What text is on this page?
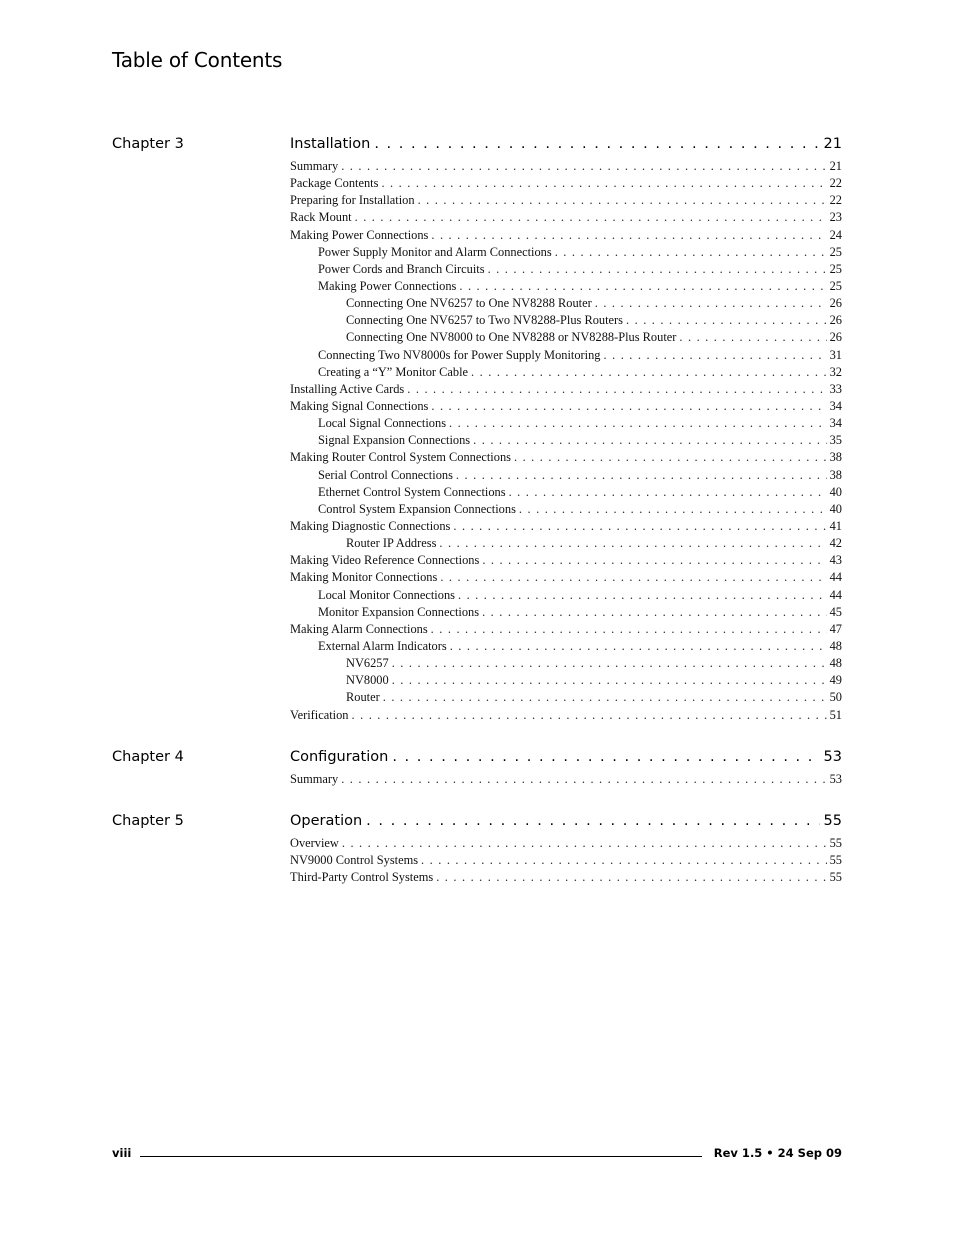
Table of Contents
Chapter 3	Installation . . .	21
Summary . . .	21
Package Contents . . .	22
Preparing for Installation . . .	22
Rack Mount . . .	23
Making Power Connections . . .	24
Power Supply Monitor and Alarm Connections . . .	25
Power Cords and Branch Circuits . . .	25
Making Power Connections . . .	25
Connecting One NV6257 to One NV8288 Router . . .	26
Connecting One NV6257 to Two NV8288-Plus Routers . . .	26
Connecting One NV8000 to One NV8288 or NV8288-Plus Router . . .	26
Connecting Two NV8000s for Power Supply Monitoring . . .	31
Creating a “Y” Monitor Cable . . .	32
Installing Active Cards . . .	33
Making Signal Connections . . .	34
Local Signal Connections . . .	34
Signal Expansion Connections . . .	35
Making Router Control System Connections . . .	38
Serial Control Connections . . .	38
Ethernet Control System Connections . . .	40
Control System Expansion Connections . . .	40
Making Diagnostic Connections . . .	41
Router IP Address . . .	42
Making Video Reference Connections . . .	43
Making Monitor Connections . . .	44
Local Monitor Connections . . .	44
Monitor Expansion Connections . . .	45
Making Alarm Connections . . .	47
External Alarm Indicators . . .	48
NV6257 . . .	48
NV8000 . . .	49
Router . . .	50
Verification . . .	51
Chapter 4	Configuration . . .	53
Summary . . .	53
Chapter 5	Operation . . .	55
Overview . . .	55
NV9000 Control Systems . . .	55
Third-Party Control Systems . . .	55
viii	Rev 1.5 • 24 Sep 09
